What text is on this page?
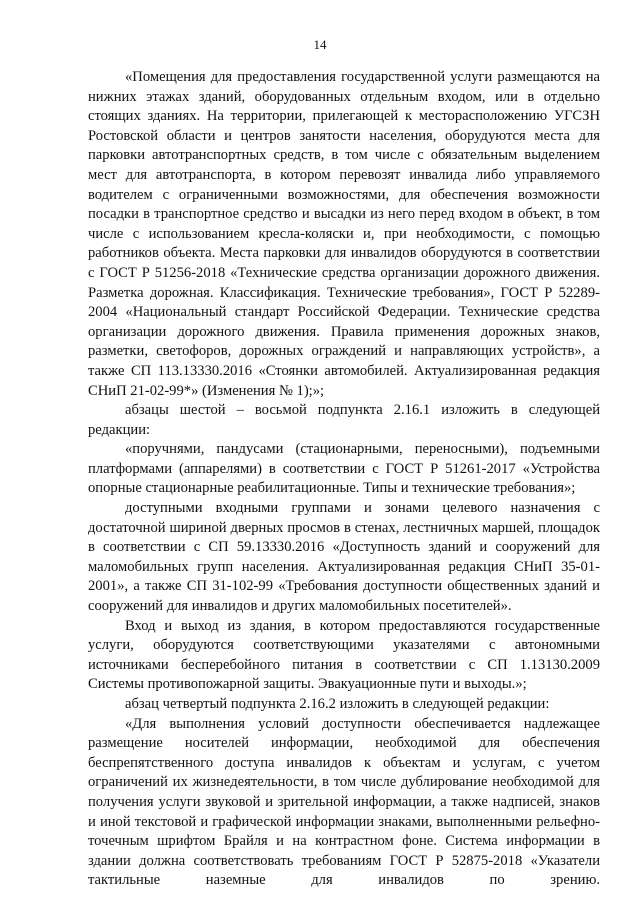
14

«Помещения для предоставления государственной услуги размещаются на нижних этажах зданий, оборудованных отдельным входом, или в отдельно стоящих зданиях. На территории, прилегающей к месторасположению УГСЗН Ростовской области и центров занятости населения, оборудуются места для парковки автотранспортных средств, в том числе с обязательным выделением мест для автотранспорта, в котором перевозят инвалида либо управляемого водителем с ограниченными возможностями, для обеспечения возможности посадки в транспортное средство и высадки из него перед входом в объект, в том числе с использованием кресла-коляски и, при необходимости, с помощью работников объекта. Места парковки для инвалидов оборудуются в соответствии с ГОСТ Р 51256-2018 «Технические средства организации дорожного движения. Разметка дорожная. Классификация. Технические требования», ГОСТ Р 52289-2004 «Национальный стандарт Российской Федерации. Технические средства организации дорожного движения. Правила применения дорожных знаков, разметки, светофоров, дорожных ограждений и направляющих устройств», а также СП 113.13330.2016 «Стоянки автомобилей. Актуализированная редакция СНиП 21-02-99*» (Изменения № 1);»;

абзацы шестой – восьмой подпункта 2.16.1 изложить в следующей редакции:

«поручнями, пандусами (стационарными, переносными), подъемными платформами (аппарелями) в соответствии с ГОСТ Р 51261-2017 «Устройства опорные стационарные реабилитационные. Типы и технические требования»;

доступными входными группами и зонами целевого назначения с достаточной шириной дверных просмов в стенах, лестничных маршей, площадок в соответствии с СП 59.13330.2016 «Доступность зданий и сооружений для маломобильных групп населения. Актуализированная редакция СНиП 35-01-2001», а также СП 31-102-99 «Требования доступности общественных зданий и сооружений для инвалидов и других маломобильных посетителей».

Вход и выход из здания, в котором предоставляются государственные услуги, оборудуются соответствующими указателями с автономными источниками бесперебойного питания в соответствии с СП 1.13130.2009 Системы противопожарной защиты. Эвакуационные пути и выходы.»;

абзац четвертый подпункта 2.16.2 изложить в следующей редакции:

«Для выполнения условий доступности обеспечивается надлежащее размещение носителей информации, необходимой для обеспечения беспрепятственного доступа инвалидов к объектам и услугам, с учетом ограничений их жизнедеятельности, в том числе дублирование необходимой для получения услуги звуковой и зрительной информации, а также надписей, знаков и иной текстовой и графической информации знаками, выполненными рельефно-точечным шрифтом Брайля и на контрастном фоне. Система информации в здании должна соответствовать требованиям ГОСТ Р 52875-2018 «Указатели тактильные наземные для инвалидов по зрению.
